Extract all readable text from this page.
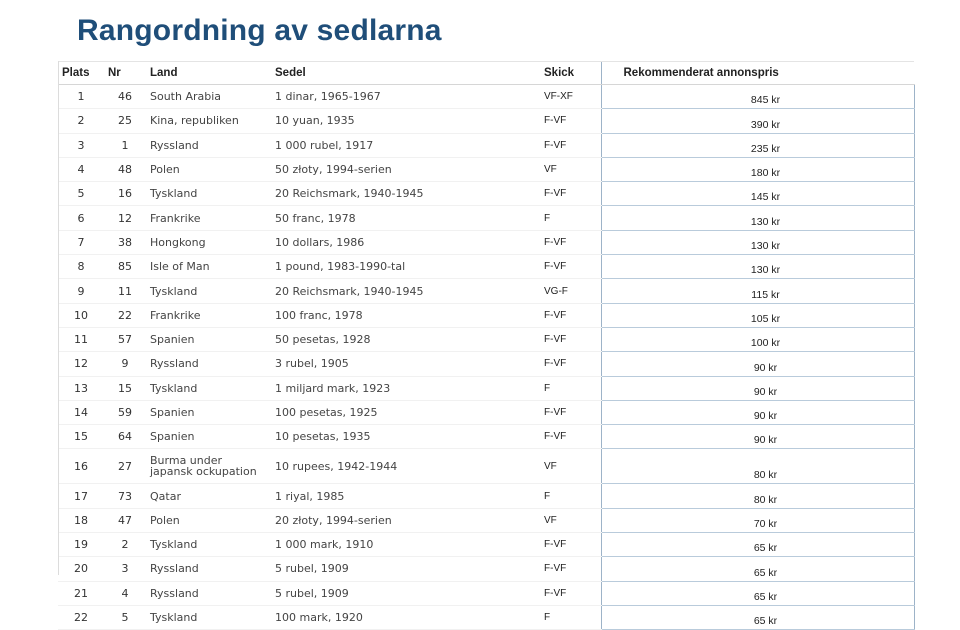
Rangordning av sedlarna
Plats	Nr	Land	Sedel	Skick	Rekommenderat annonspris
1	46	South Arabia	1 dinar, 1965-1967	VF-XF	845 kr
2	25	Kina, republiken	10 yuan, 1935	F-VF	390 kr
3	1	Ryssland	1 000 rubel, 1917	F-VF	235 kr
4	48	Polen	50 złoty, 1994-serien	VF	180 kr
5	16	Tyskland	20 Reichsmark, 1940-1945	F-VF	145 kr
6	12	Frankrike	50 franc, 1978	F	130 kr
7	38	Hongkong	10 dollars, 1986	F-VF	130 kr
8	85	Isle of Man	1 pound, 1983-1990-tal	F-VF	130 kr
9	11	Tyskland	20 Reichsmark, 1940-1945	VG-F	115 kr
10	22	Frankrike	100 franc, 1978	F-VF	105 kr
11	57	Spanien	50 pesetas, 1928	F-VF	100 kr
12	9	Ryssland	3 rubel, 1905	F-VF	90 kr
13	15	Tyskland	1 miljard mark, 1923	F	90 kr
14	59	Spanien	100 pesetas, 1925	F-VF	90 kr
15	64	Spanien	10 pesetas, 1935	F-VF	90 kr
16	27	Burma under japansk ockupation	10 rupees, 1942-1944	VF	80 kr
17	73	Qatar	1 riyal, 1985	F	80 kr
18	47	Polen	20 złoty, 1994-serien	VF	70 kr
19	2	Tyskland	1 000 mark, 1910	F-VF	65 kr
20	3	Ryssland	5 rubel, 1909	F-VF	65 kr
21	4	Ryssland	5 rubel, 1909	F-VF	65 kr
22	5	Tyskland	100 mark, 1920	F	65 kr
